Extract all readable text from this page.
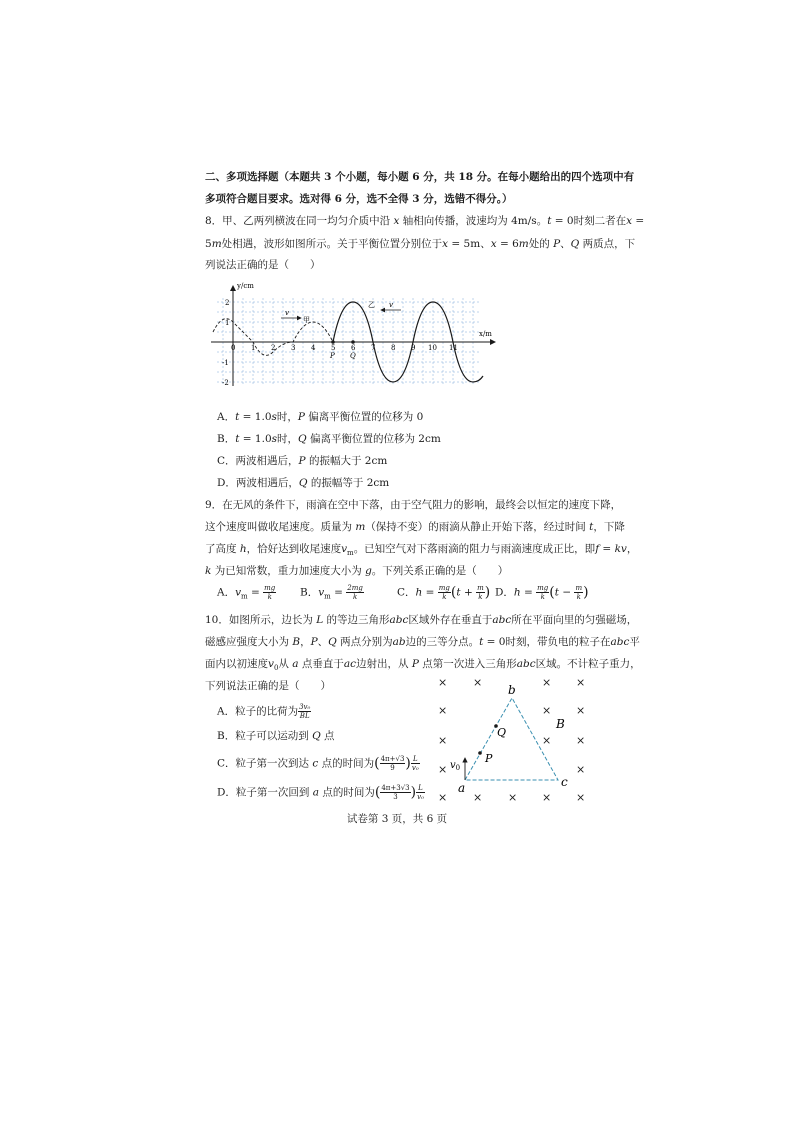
二、多项选择题（本题共 3 个小题，每小题 6 分，共 18 分。在每小题给出的四个选项中有
多项符合题目要求。选对得 6 分，选不全得 3 分，选错不得分。）
8．甲、乙两列横波在同一均匀介质中沿 x 轴相向传播，波速均为 4m/s。t = 0时刻二者在x =
5m处相遇，波形如图所示。关于平衡位置分别位于x = 5m、x = 6m处的 P、Q 两质点，下
列说法正确的是（　　）
y/cm
x/m
2
1
-1
-2
0 1 2 3 4 5 6 7 8 9 10 11
v
甲
v
乙
P Q
A．t = 1.0s时，P 偏离平衡位置的位移为 0
B．t = 1.0s时，Q 偏离平衡位置的位移为 2cm
C．两波相遇后，P 的振幅大于 2cm
D．两波相遇后，Q 的振幅等于 2cm
9．在无风的条件下，雨滴在空中下落，由于空气阻力的影响，最终会以恒定的速度下降，
这个速度叫做收尾速度。质量为 m（保持不变）的雨滴从静止开始下落，经过时间 t，下降
了高度 h，恰好达到收尾速度$v_m$。已知空气对下落雨滴的阻力与雨滴速度成正比，即f = kv，
k 为已知常数，重力加速度大小为 g。下列关系正确的是（　　）
A．$v_m = \frac{mg}{k}$ B．$v_m = \frac{2mg}{k}$	C．$h = \frac{mg}{k} (t + \frac{m}{k}$ ) D．$h = \frac{mg}{k} (t - \frac{m}{k}$ )
10．如图所示，边长为 L 的等边三角形abc区域外存在垂直于abc所在平面向里的匀强磁场，
磁感应强度大小为 B，P、Q 两点分别为ab边的三等分点。t = 0时刻，带负电的粒子在abc平
面内以初速度$v_0$从 a 点垂直于ac边射出，从 P 点第一次进入三角形abc区域。不计粒子重力，
下列说法正确的是（　　）
A．粒子的比荷为 $\frac{\text{3v₀}}{BL}$
B．粒子可以运动到 Q 点
C．粒子第一次到达 c 点的时间为( $\frac{4\pi+√3}{9}$ ) $\frac{L}{\text{v₀}}$
D．粒子第一次回到 a 点的时间为( $\frac{4\pi+3√3}{3}$ ) $\frac{L}{\text{v₀}}$
× ×	× ×
×	× ×
×	× ×
×	×
× × × × ×
P
Q
a
b
c
B
$v_0$
试卷第 3 页，共 6 页
